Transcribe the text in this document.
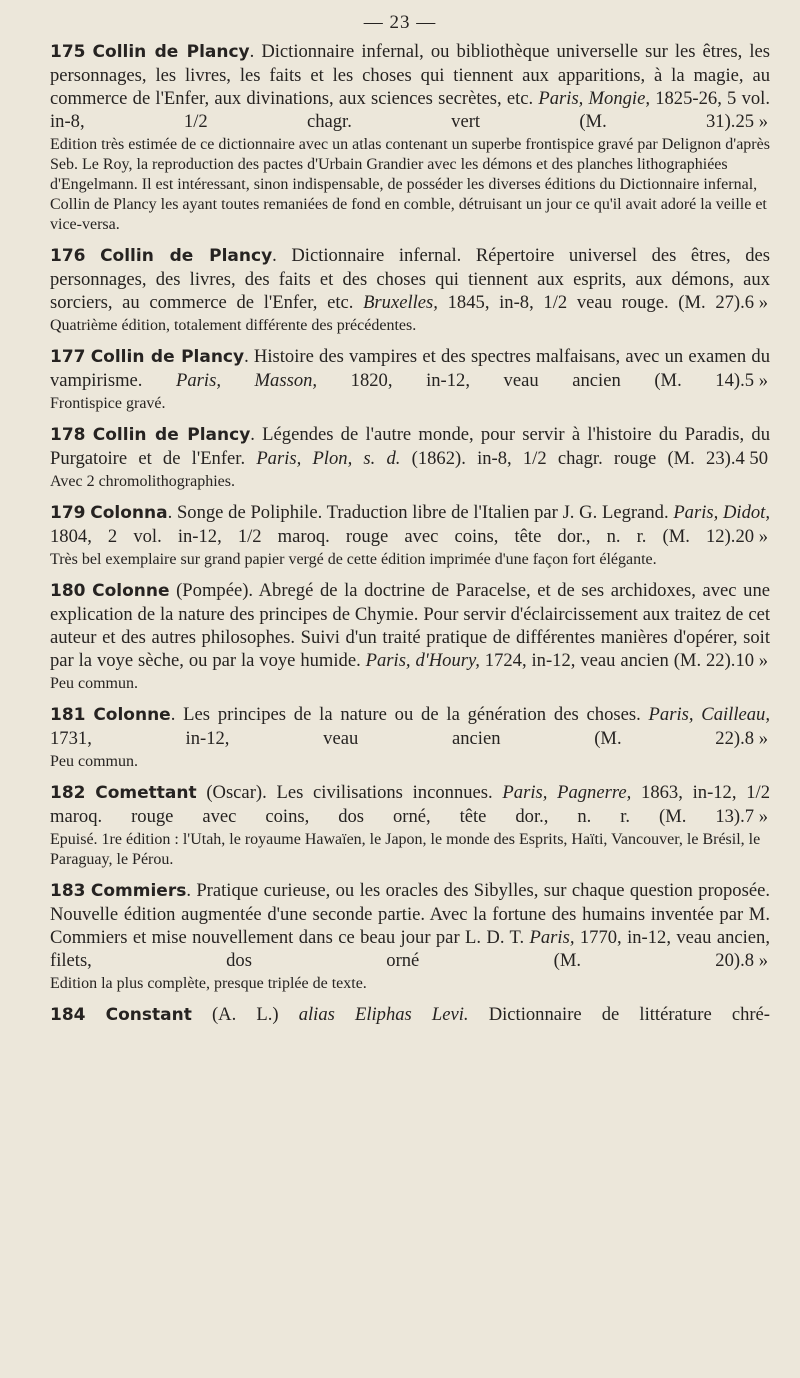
— 23 —
175 Collin de Plancy. Dictionnaire infernal, ou bibliothèque universelle sur les êtres, les personnages, les livres, les faits et les choses qui tiennent aux apparitions, à la magie, au commerce de l'Enfer, aux divinations, aux sciences secrètes, etc. Paris, Mongie, 1825-26, 5 vol. in-8, 1/2 chagr. vert (M. 31). 25 »
Edition très estimée de ce dictionnaire avec un atlas contenant un superbe frontispice gravé par Delignon d'après Seb. Le Roy, la reproduction des pactes d'Urbain Grandier avec les démons et des planches lithographiées d'Engelmann. Il est intéressant, sinon indispensable, de posséder les diverses éditions du Dictionnaire infernal, Collin de Plancy les ayant toutes remaniées de fond en comble, détruisant un jour ce qu'il avait adoré la veille et vice-versa.
176 Collin de Plancy. Dictionnaire infernal. Répertoire universel des êtres, des personnages, des livres, des faits et des choses qui tiennent aux esprits, aux démons, aux sorciers, au commerce de l'Enfer, etc. Bruxelles, 1845, in-8, 1/2 veau rouge. (M. 27). 6 »
Quatrième édition, totalement différente des précédentes.
177 Collin de Plancy. Histoire des vampires et des spectres malfaisans, avec un examen du vampirisme. Paris, Masson, 1820, in-12, veau ancien (M. 14). 5 »
Frontispice gravé.
178 Collin de Plancy. Légendes de l'autre monde, pour servir à l'histoire du Paradis, du Purgatoire et de l'Enfer. Paris, Plon, s. d. (1862). in-8, 1/2 chagr. rouge (M. 23). 4 50
Avec 2 chromolithographies.
179 Colonna. Songe de Poliphile. Traduction libre de l'Italien par J. G. Legrand. Paris, Didot, 1804, 2 vol. in-12, 1/2 maroq. rouge avec coins, tête dor., n. r. (M. 12). 20 »
Très bel exemplaire sur grand papier vergé de cette édition imprimée d'une façon fort élégante.
180 Colonne (Pompée). Abregé de la doctrine de Paracelse, et de ses archidoxes, avec une explication de la nature des principes de Chymie. Pour servir d'éclaircissement aux traitez de cet auteur et des autres philosophes. Suivi d'un traité pratique de différentes manières d'opérer, soit par la voye sèche, ou par la voye humide. Paris, d'Houry, 1724, in-12, veau ancien (M. 22). 10 »
Peu commun.
181 Colonne. Les principes de la nature ou de la génération des choses. Paris, Cailleau, 1731, in-12, veau ancien (M. 22). 8 »
Peu commun.
182 Comettant (Oscar). Les civilisations inconnues. Paris, Pagnerre, 1863, in-12, 1/2 maroq. rouge avec coins, dos orné, tête dor., n. r. (M. 13). 7 »
Epuisé. 1re édition : l'Utah, le royaume Hawaïen, le Japon, le monde des Esprits, Haïti, Vancouver, le Brésil, le Paraguay, le Pérou.
183 Commiers. Pratique curieuse, ou les oracles des Sibylles, sur chaque question proposée. Nouvelle édition augmentée d'une seconde partie. Avec la fortune des humains inventée par M. Commiers et mise nouvellement dans ce beau jour par L. D. T. Paris, 1770, in-12, veau ancien, filets, dos orné (M. 20). 8 »
Edition la plus complète, presque triplée de texte.
184 Constant (A. L.) alias Eliphas Levi. Dictionnaire de littérature chré-
